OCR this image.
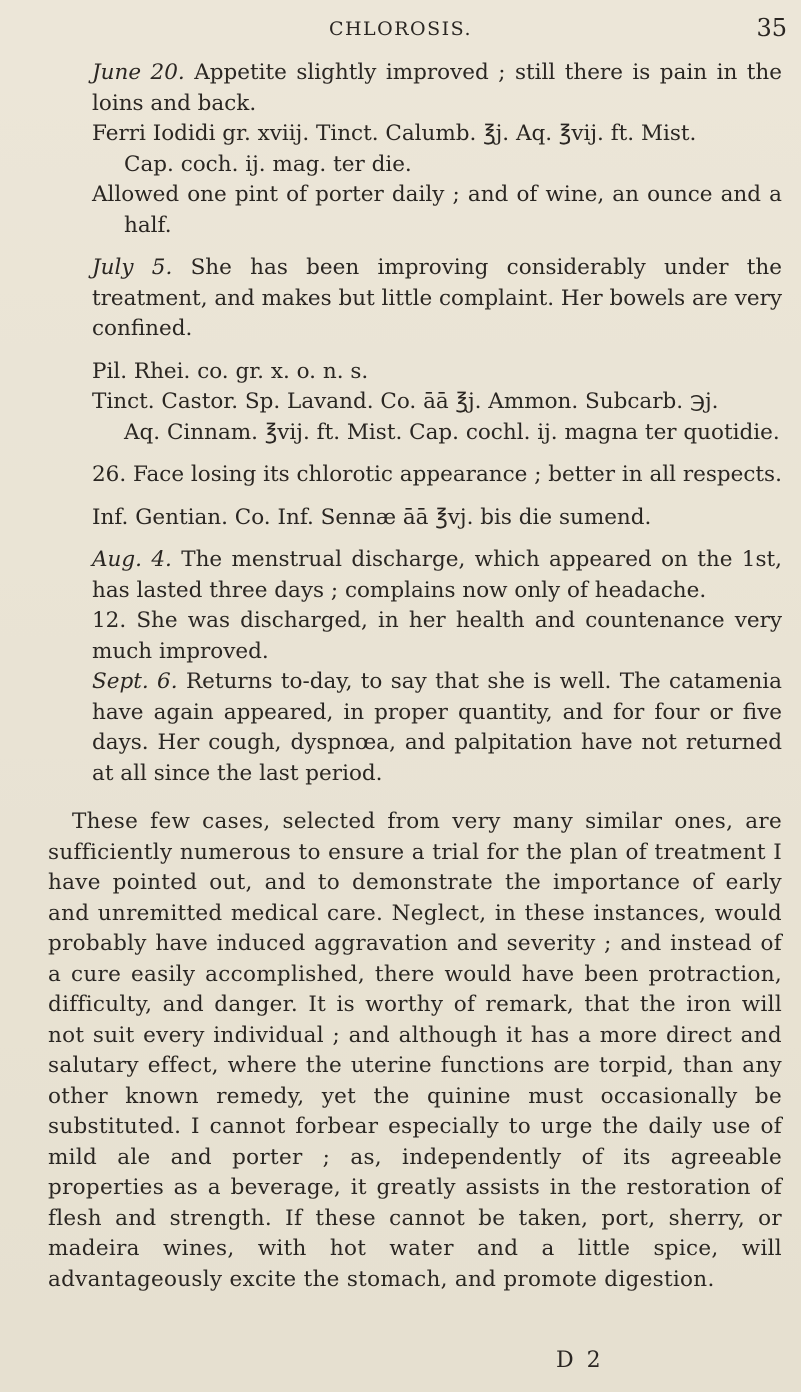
CHLOROSIS.	35

June 20. Appetite slightly improved ; still there is pain in the loins and back.

Ferri Iodidi gr. xviij. Tinct. Calumb. ℥j. Aq. ℥vij. ft. Mist.

Cap. coch. ij. mag. ter die.

Allowed one pint of porter daily ; and of wine, an ounce and a half.

July 5. She has been improving considerably under the treatment, and makes but little complaint. Her bowels are very confined.

Pil. Rhei. co. gr. x. o. n. s.

Tinct. Castor. Sp. Lavand. Co. āā ℥j. Ammon. Subcarb. ℈j.

Aq. Cinnam. ℥vij. ft. Mist. Cap. cochl. ij. magna ter quotidie.

26. Face losing its chlorotic appearance ; better in all respects.

Inf. Gentian. Co. Inf. Sennæ āā ℥vj. bis die sumend.

Aug. 4. The menstrual discharge, which appeared on the 1st, has lasted three days ; complains now only of headache.

12. She was discharged, in her health and countenance very much improved.

Sept. 6. Returns to-day, to say that she is well. The catamenia have again appeared, in proper quantity, and for four or five days. Her cough, dyspnœa, and palpitation have not returned at all since the last period.

These few cases, selected from very many similar ones, are sufficiently numerous to ensure a trial for the plan of treatment I have pointed out, and to demonstrate the importance of early and unremitted medical care. Neglect, in these instances, would probably have induced aggravation and severity ; and instead of a cure easily accomplished, there would have been protraction, difficulty, and danger. It is worthy of remark, that the iron will not suit every individual ; and although it has a more direct and salutary effect, where the uterine functions are torpid, than any other known remedy, yet the quinine must occasionally be substituted. I cannot forbear especially to urge the daily use of mild ale and porter ; as, independently of its agreeable properties as a beverage, it greatly assists in the restoration of flesh and strength. If these cannot be taken, port, sherry, or madeira wines, with hot water and a little spice, will advantageously excite the stomach, and promote digestion.

D 2
